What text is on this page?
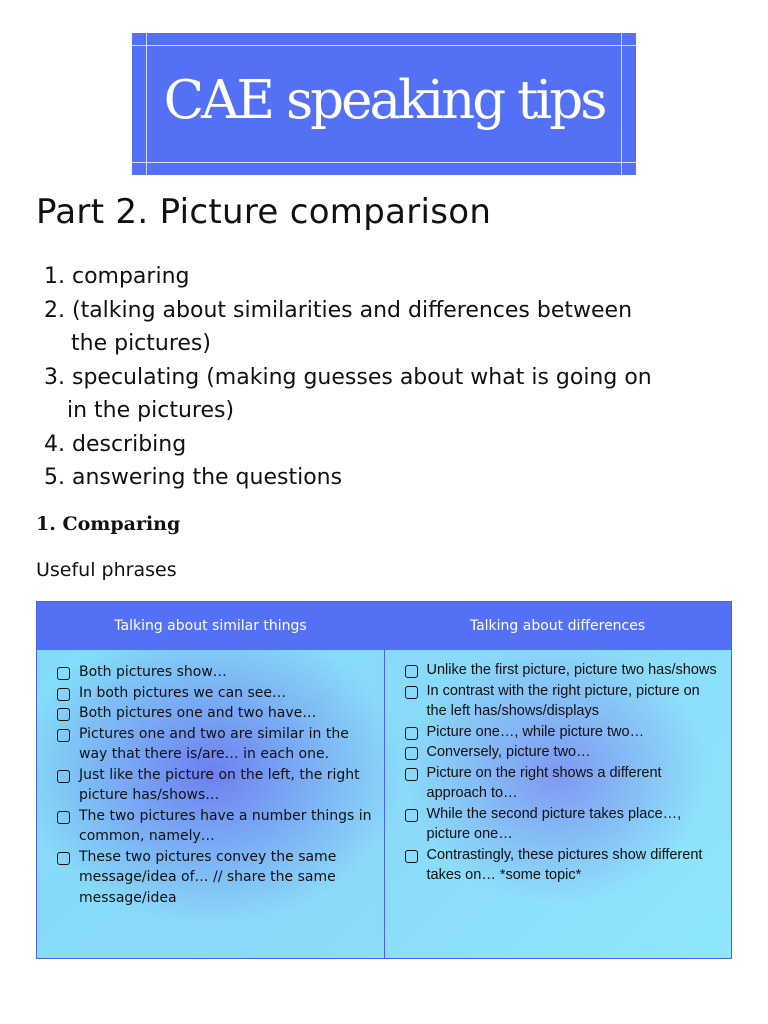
CAE speaking tips
Part 2. Picture comparison
1. comparing
2. (talking about similarities and differences between
the pictures)
3. speculating (making guesses about what is going on
in the pictures)
4. describing
5. answering the questions
1. Comparing
Useful phrases
Talking about similar things	Talking about differences
Both pictures show…
In both pictures we can see…
Both pictures one and two have…
Pictures one and two are similar in the way that there is/are… in each one.
Just like the picture on the left, the right picture has/shows…
The two pictures have a number things in common, namely…
These two pictures convey the same message/idea of… // share the same message/idea
Unlike the first picture, picture two has/shows
In contrast with the right picture, picture on the left has/shows/displays
Picture one…, while picture two…
Conversely, picture two…
Picture on the right shows a different approach to…
While the second picture takes place…, picture one…
Contrastingly, these pictures show different takes on… *some topic*
